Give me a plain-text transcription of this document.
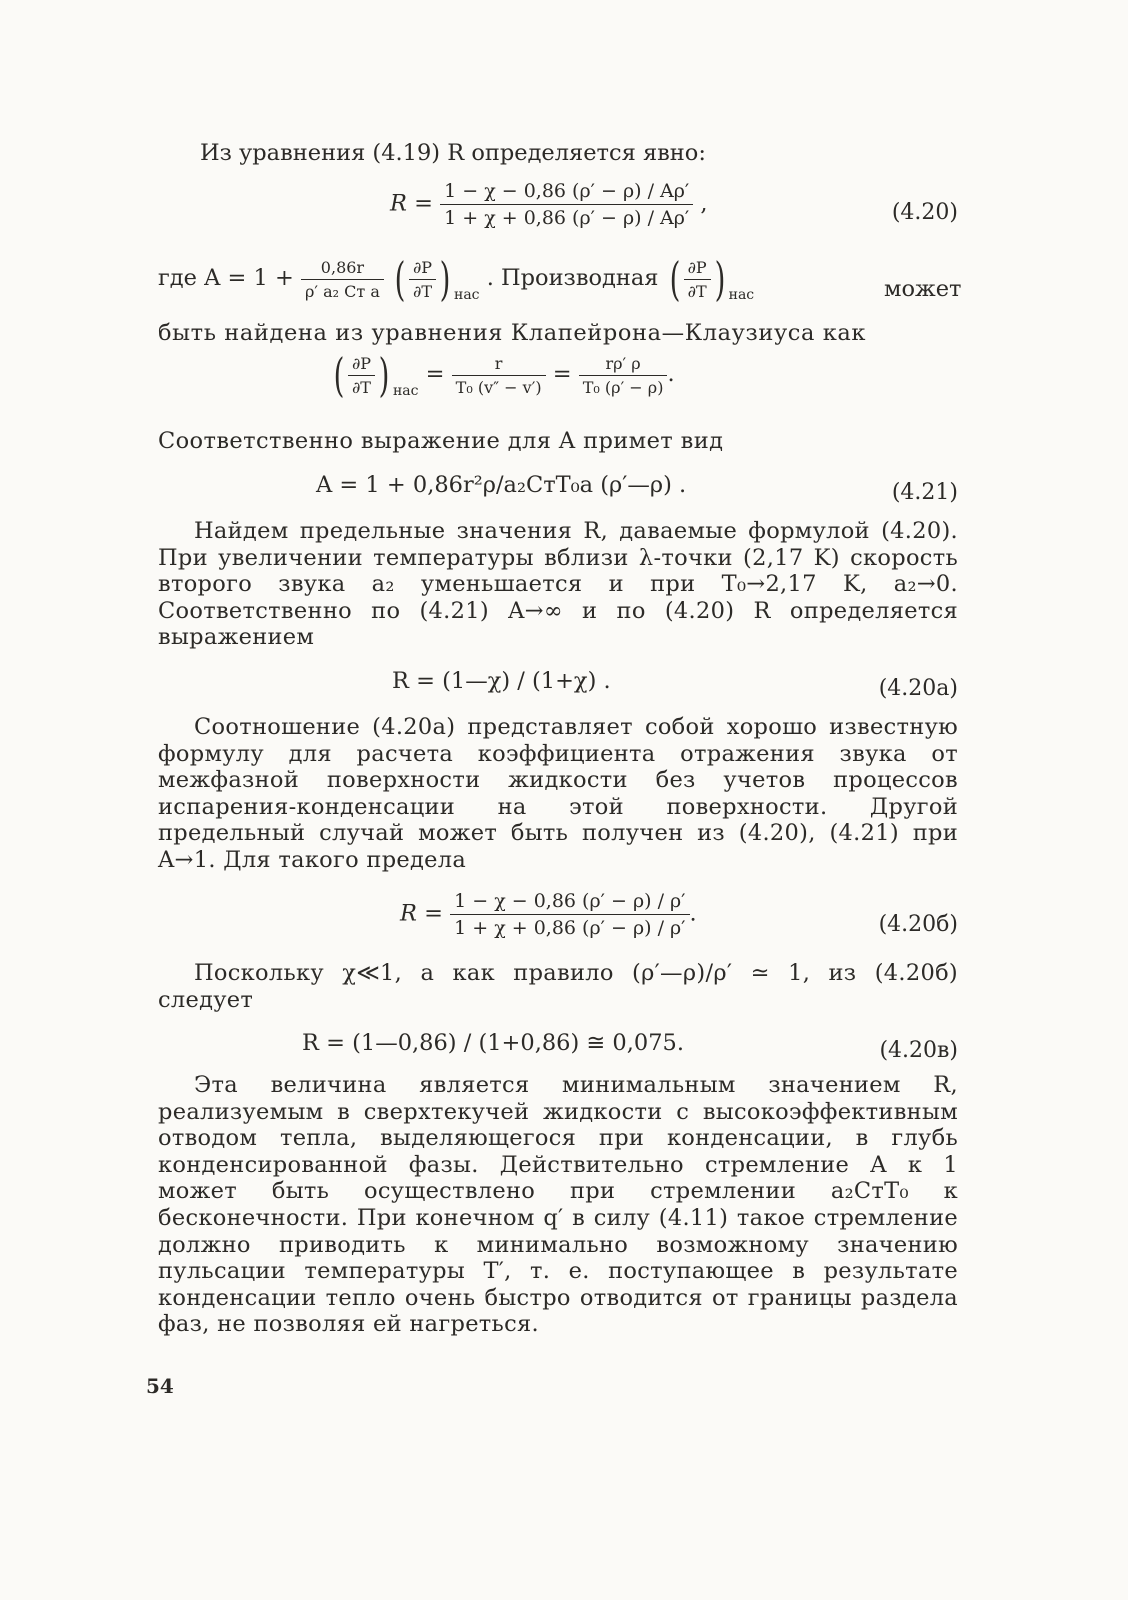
Из уравнения (4.19) R определяется явно:
$R = \frac{1 - \chi - 0,86 (\rho' - \rho) / A\rho'}{1 + \chi + 0,86 (\rho' - \rho) / A\rho'}$ ,	(4.20)
где $A = 1 + \frac{0,86r}{\text{ρ′ a₂ Cт a}}$ ( $\frac{\partial P}{\partial T}$ ) $_{нас}$ . Производная ( $\frac{\partial P}{\partial T}$ ) $_{нас}$	может
быть найдена из уравнения Клапейрона—Клаузиуса как
( $\frac{\partial P}{\partial T}$ ) $_{нас} = \frac{r}{\text{T₀ (v″ − v′)}} = \frac{r\rho' \rho}{\text{T₀ (ρ′ − ρ)}}$ .
Соответственно выражение для A примет вид
A = 1 + 0,86r²ρ/a₂CтT₀a (ρ′—ρ) .	(4.21)
Найдем предельные значения R, даваемые формулой (4.20). При увеличении температуры вблизи λ-точки (2,17 K) скорость второго звука a₂ уменьшается и при T₀→2,17 K, a₂→0. Соответственно по (4.21) A→∞ и по (4.20) R определяется выражением
R = (1—χ) / (1+χ) .	(4.20a)
Соотношение (4.20a) представляет собой хорошо известную формулу для расчета коэффициента отражения звука от межфазной поверхности жидкости без учетов процессов испарения-конденсации на этой поверхности. Другой предельный случай может быть получен из (4.20), (4.21) при A→1. Для такого предела
$R = \frac{1 - \chi - 0,86 (\rho' - \rho) / \rho'}{1 + \chi + 0,86 (\rho' - \rho) / \rho'}$ .	(4.20б)
Поскольку χ≪1, а как правило (ρ′—ρ)/ρ′ ≃ 1, из (4.20б) следует
R = (1—0,86) / (1+0,86) ≅ 0,075.	(4.20в)
Эта величина является минимальным значением R, реализуемым в сверхтекучей жидкости с высокоэффективным отводом тепла, выделяющегося при конденсации, в глубь конденсированной фазы. Действительно стремление A к 1 может быть осуществлено при стремлении a₂CтT₀ к бесконечности. При конечном q′ в силу (4.11) такое стремление должно приводить к минимально возможному значению пульсации температуры T′, т. е. поступающее в результате конденсации тепло очень быстро отводится от границы раздела фаз, не позволяя ей нагреться.
54
